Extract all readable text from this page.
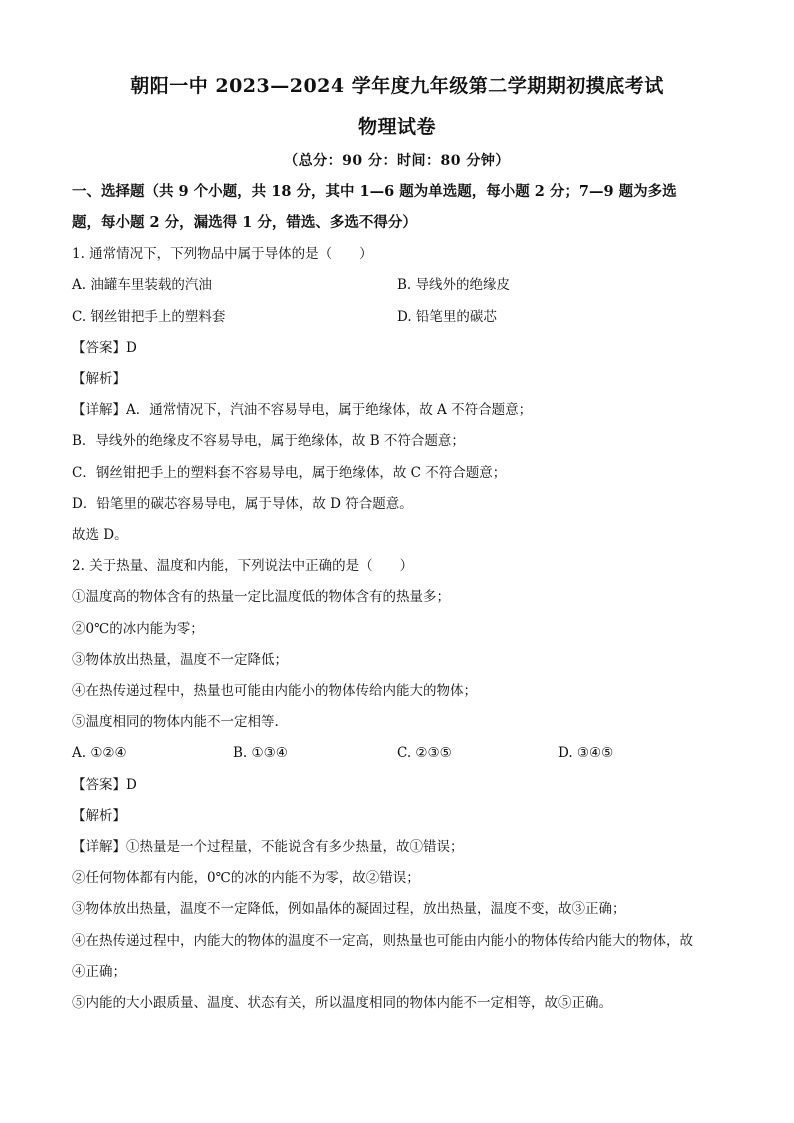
朝阳一中 2023—2024 学年度九年级第二学期期初摸底考试
物理试卷
（总分：90 分：时间：80 分钟）
一、选择题（共 9 个小题，共 18 分，其中 1—6 题为单选题，每小题 2 分；7—9 题为多选
题，每小题 2 分，漏选得 1 分，错选、多选不得分）
1. 通常情况下，下列物品中属于导体的是（　　）
A. 油罐车里装载的汽油	B. 导线外的绝缘皮
C. 钢丝钳把手上的塑料套	D. 铅笔里的碳芯
【答案】D
【解析】
【详解】A．通常情况下，汽油不容易导电，属于绝缘体，故 A 不符合题意；
B．导线外的绝缘皮不容易导电，属于绝缘体，故 B 不符合题意；
C．钢丝钳把手上的塑料套不容易导电，属于绝缘体，故 C 不符合题意；
D．铅笔里的碳芯容易导电，属于导体，故 D 符合题意。
故选 D。
2. 关于热量、温度和内能，下列说法中正确的是（　　）
①温度高的物体含有的热量一定比温度低的物体含有的热量多；
②0℃的冰内能为零；
③物体放出热量，温度不一定降低；
④在热传递过程中，热量也可能由内能小的物体传给内能大的物体；
⑤温度相同的物体内能不一定相等.
A. ①②④	B. ①③④	C. ②③⑤	D. ③④⑤
【答案】D
【解析】
【详解】①热量是一个过程量，不能说含有多少热量，故①错误；
②任何物体都有内能，0℃的冰的内能不为零，故②错误；
③物体放出热量，温度不一定降低，例如晶体的凝固过程，放出热量，温度不变，故③正确；
④在热传递过程中，内能大的物体的温度不一定高，则热量也可能由内能小的物体传给内能大的物体，故
④正确；
⑤内能的大小跟质量、温度、状态有关，所以温度相同的物体内能不一定相等，故⑤正确。
